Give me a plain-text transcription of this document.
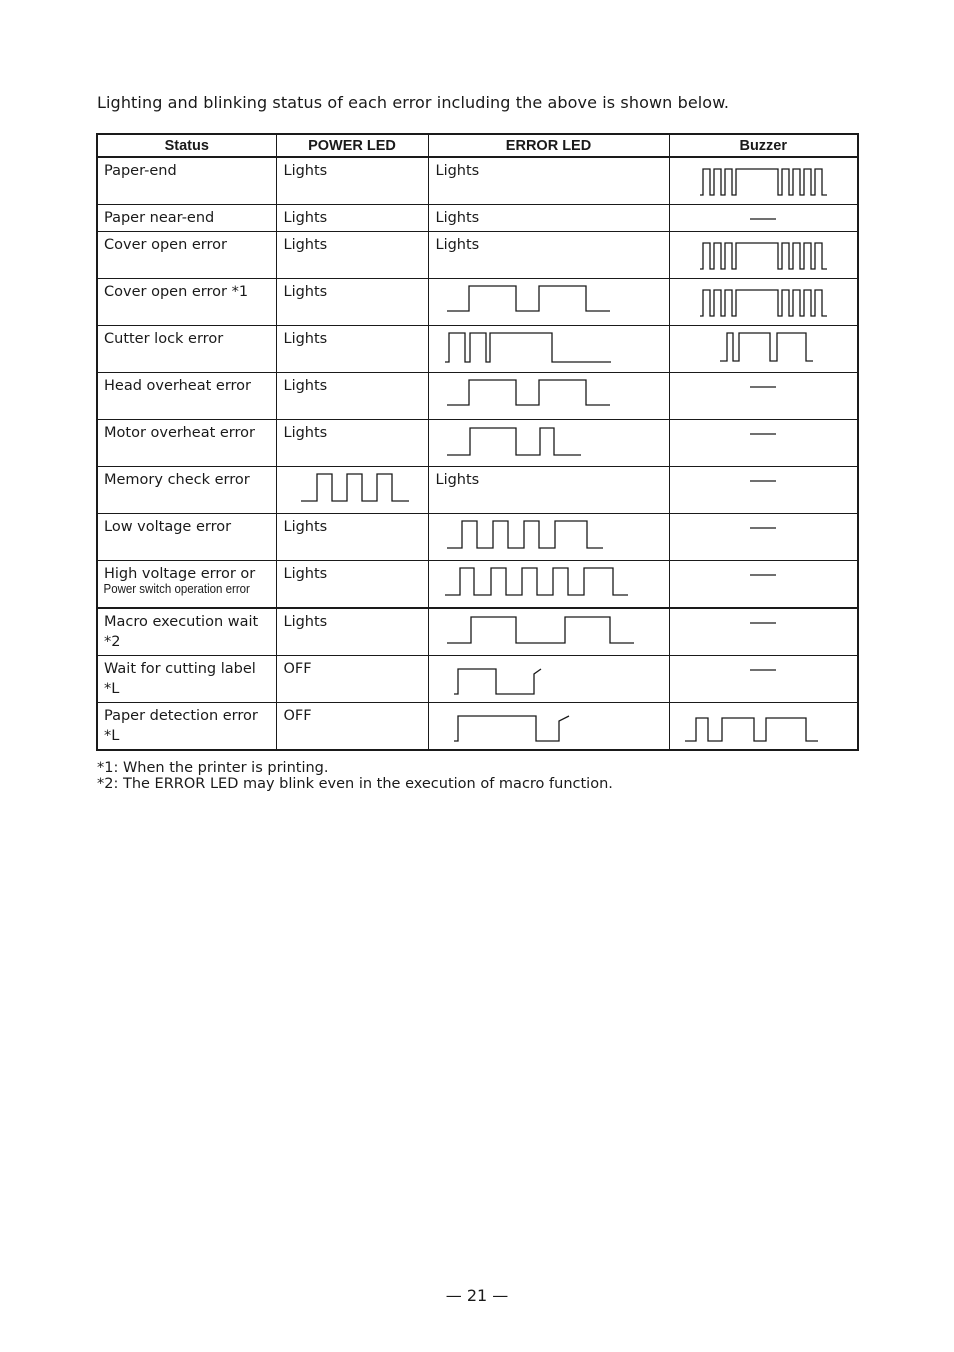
Lighting and blinking status of each error including the above is shown below.
Status	POWER LED	ERROR LED	Buzzer

Paper-end	Lights	Lights

Paper near-end	Lights	Lights

Cover open error	Lights	Lights

Cover open error *1	Lights

Cutter lock error	Lights

Head overheat error	Lights

Motor overheat error	Lights

Memory check error		Lights

Low voltage error	Lights

High voltage error or
Power switch operation error	Lights

Macro execution wait *2	Lights

Wait for cutting label *L	OFF

Paper detection error *L	OFF

*1: When the printer is printing.
*2: The ERROR LED may blink even in the execution of macro function.
— 21 —
